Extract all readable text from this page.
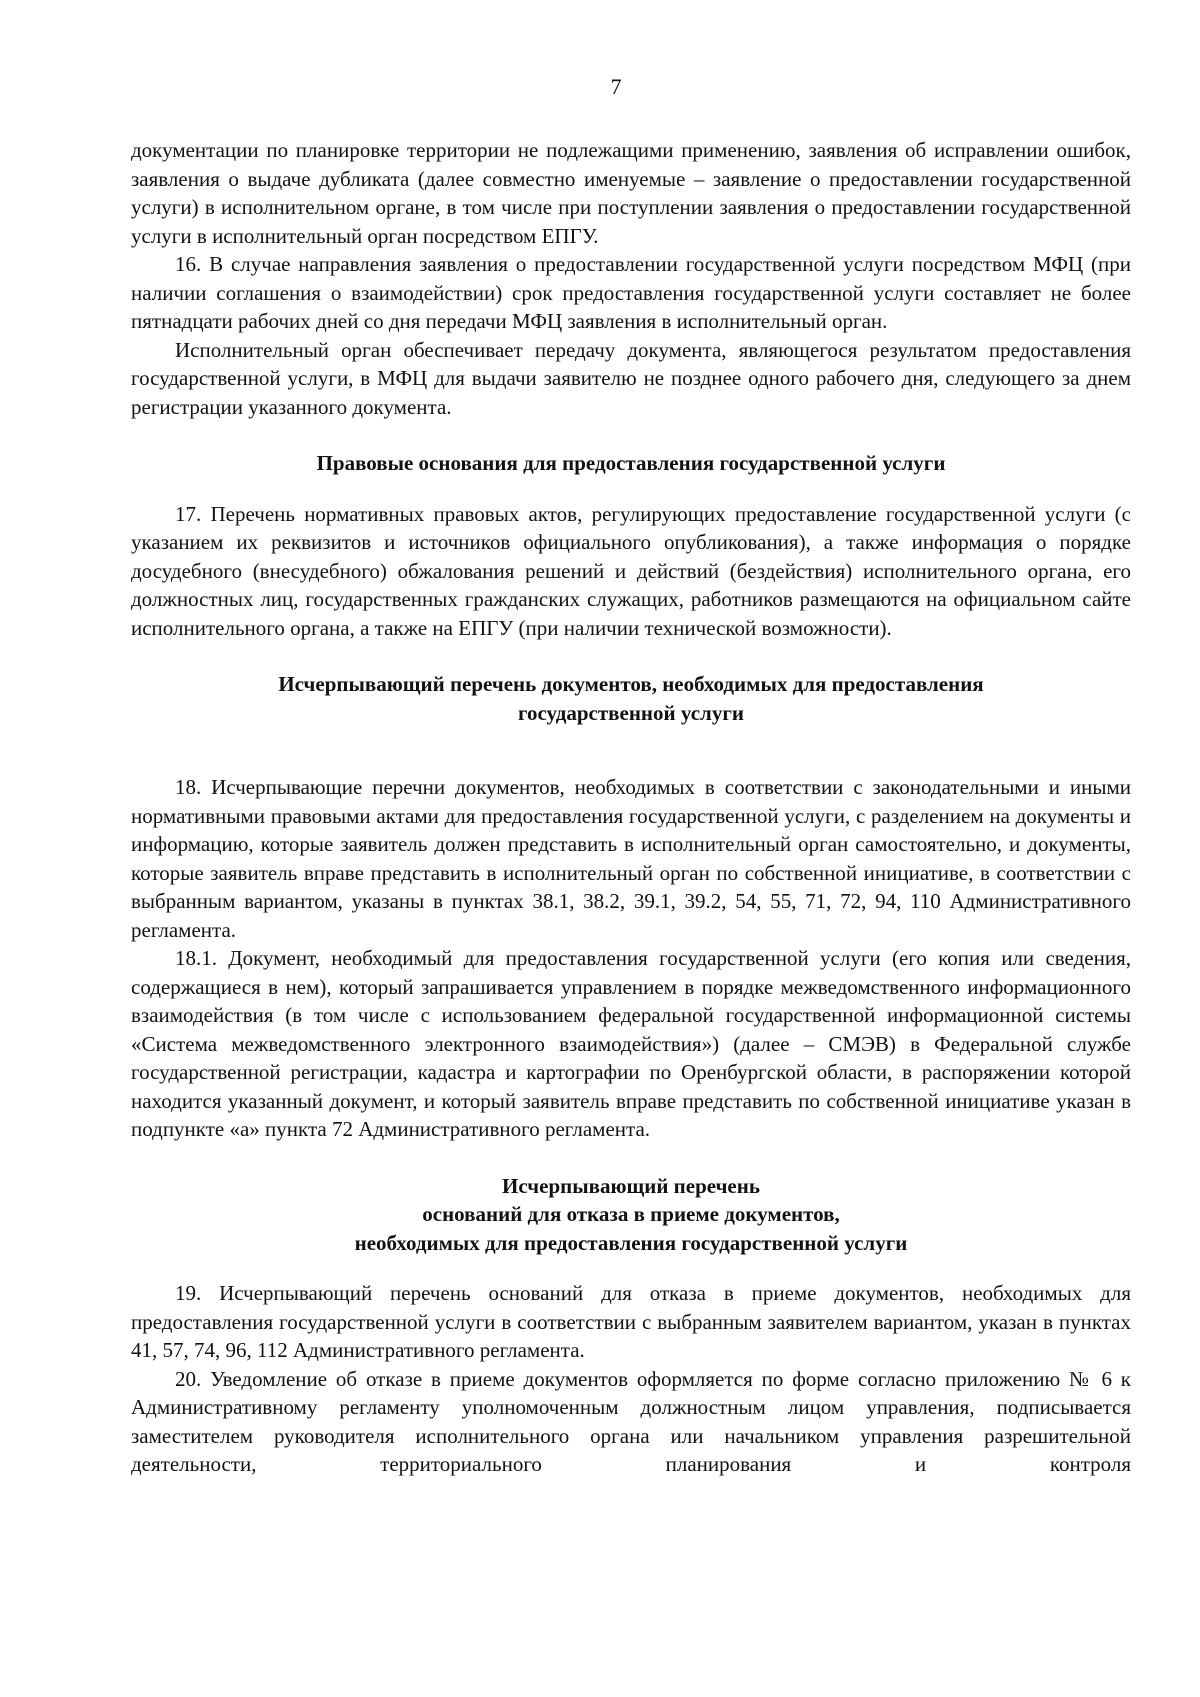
7

документации по планировке территории не подлежащими применению, заявления об исправлении ошибок, заявления о выдаче дубликата (далее совместно именуемые – заявление о предоставлении государственной услуги) в исполнительном органе, в том числе при поступлении заявления о предоставлении государственной услуги в исполнительный орган посредством ЕПГУ.

16. В случае направления заявления о предоставлении государственной услуги посредством МФЦ (при наличии соглашения о взаимодействии) срок предоставления государственной услуги составляет не более пятнадцати рабочих дней со дня передачи МФЦ заявления в исполнительный орган.

Исполнительный орган обеспечивает передачу документа, являющегося результатом предоставления государственной услуги, в МФЦ для выдачи заявителю не позднее одного рабочего дня, следующего за днем регистрации указанного документа.

Правовые основания для предоставления государственной услуги

17. Перечень нормативных правовых актов, регулирующих предоставление государственной услуги (с указанием их реквизитов и источников официального опубликования), а также информация о порядке досудебного (внесудебного) обжалования решений и действий (бездействия) исполнительного органа, его должностных лиц, государственных гражданских служащих, работников размещаются на официальном сайте исполнительного органа, а также на ЕПГУ (при наличии технической возможности).

Исчерпывающий перечень документов, необходимых для предоставления
государственной услуги

18. Исчерпывающие перечни документов, необходимых в соответствии с законодательными и иными нормативными правовыми актами для предоставления государственной услуги, с разделением на документы и информацию, которые заявитель должен представить в исполнительный орган самостоятельно, и документы, которые заявитель вправе представить в исполнительный орган по собственной инициативе, в соответствии с выбранным вариантом, указаны в пунктах 38.1, 38.2, 39.1, 39.2, 54, 55, 71, 72, 94, 110 Административного регламента.

18.1. Документ, необходимый для предоставления государственной услуги (его копия или сведения, содержащиеся в нем), который запрашивается управлением в порядке межведомственного информационного взаимодействия (в том числе с использованием федеральной государственной информационной системы «Система межведомственного электронного взаимодействия») (далее – СМЭВ) в Федеральной службе государственной регистрации, кадастра и картографии по Оренбургской области, в распоряжении которой находится указанный документ, и который заявитель вправе представить по собственной инициативе указан в подпункте «а» пункта 72 Административного регламента.

Исчерпывающий перечень
оснований для отказа в приеме документов,
необходимых для предоставления государственной услуги

19. Исчерпывающий перечень оснований для отказа в приеме документов, необходимых для предоставления государственной услуги в соответствии с выбранным заявителем вариантом, указан в пунктах 41, 57, 74, 96, 112 Административного регламента.

20. Уведомление об отказе в приеме документов оформляется по форме согласно приложению № 6 к Административному регламенту уполномоченным должностным лицом управления, подписывается заместителем руководителя исполнительного органа или начальником управления разрешительной деятельности, территориального планирования и контроля
